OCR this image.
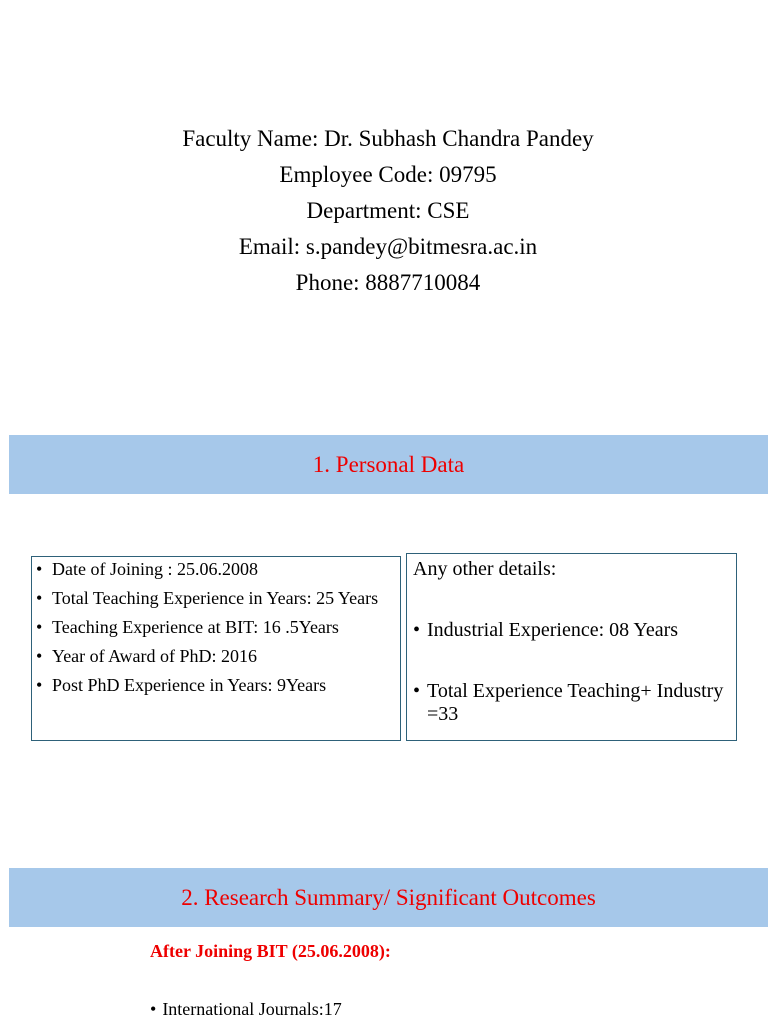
Faculty Name: Dr. Subhash Chandra Pandey
Employee Code: 09795
Department: CSE
Email: s.pandey@bitmesra.ac.in
Phone: 8887710084
1. Personal Data
• Date of Joining : 25.06.2008
• Total Teaching Experience in Years: 25 Years
• Teaching Experience at BIT: 16 .5Years
• Year of Award of PhD: 2016
• Post PhD Experience in Years: 9Years
Any other details:
• Industrial Experience: 08 Years
• Total Experience Teaching+ Industry =33
2. Research Summary/ Significant Outcomes
After Joining BIT (25.06.2008):
• International Journals:17
